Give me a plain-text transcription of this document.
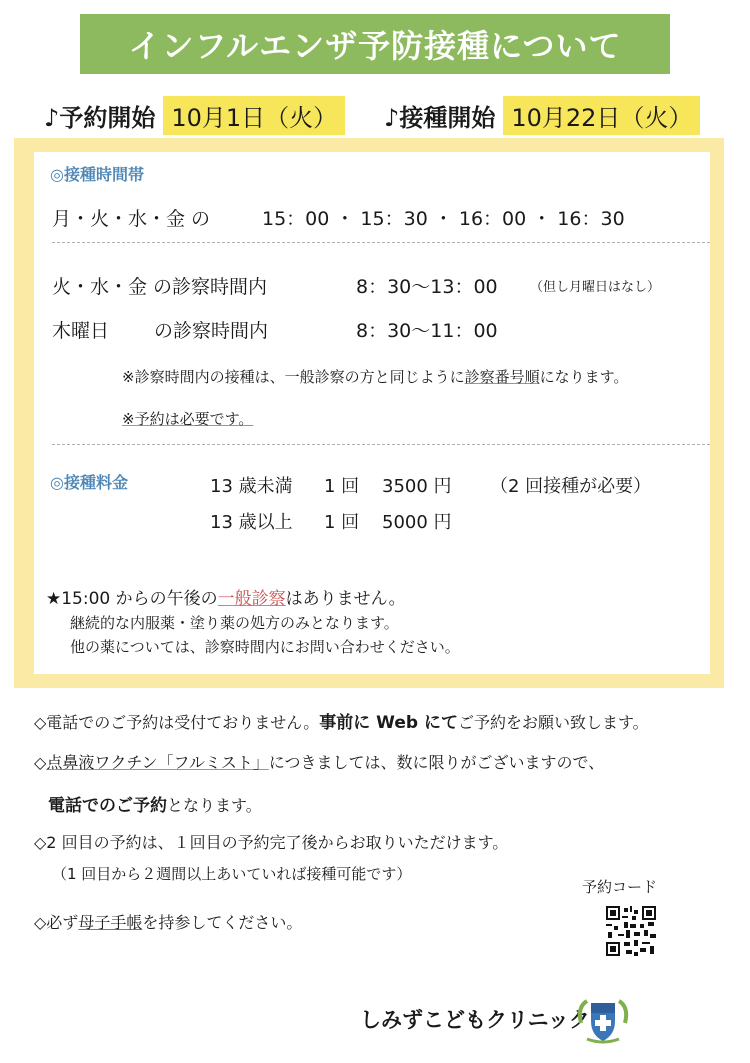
インフルエンザ予防接種について
♪予約開始 10月1日（火）	♪接種開始 10月22日（火）
◎接種時間帯
月・火・水・金 の	15：00 ・ 15：30 ・ 16：00 ・ 16：30
火・水・金 の診察時間内	8：30〜13：00 （但し月曜日はなし）
木曜日 の診察時間内	8：30〜11：00
※診察時間内の接種は、一般診察の方と同じように診察番号順になります。
※予約は必要です。
◎接種料金	13 歳未満 1 回 3500 円 （2 回接種が必要）
13 歳以上 1 回 5000 円
★15:00 からの午後の一般診察はありません。
継続的な内服薬・塗り薬の処方のみとなります。
他の薬については、診察時間内にお問い合わせください。
◇電話でのご予約は受付ておりません。事前に Web にてご予約をお願い致します。
◇点鼻液ワクチン「フルミスト」につきましては、数に限りがございますので、
電話でのご予約となります。
◇2 回目の予約は、１回目の予約完了後からお取りいただけます。
（1 回目から２週間以上あいていれば接種可能です）
◇必ず母子手帳を持参してください。
予約コード
しみずこどもクリニック
